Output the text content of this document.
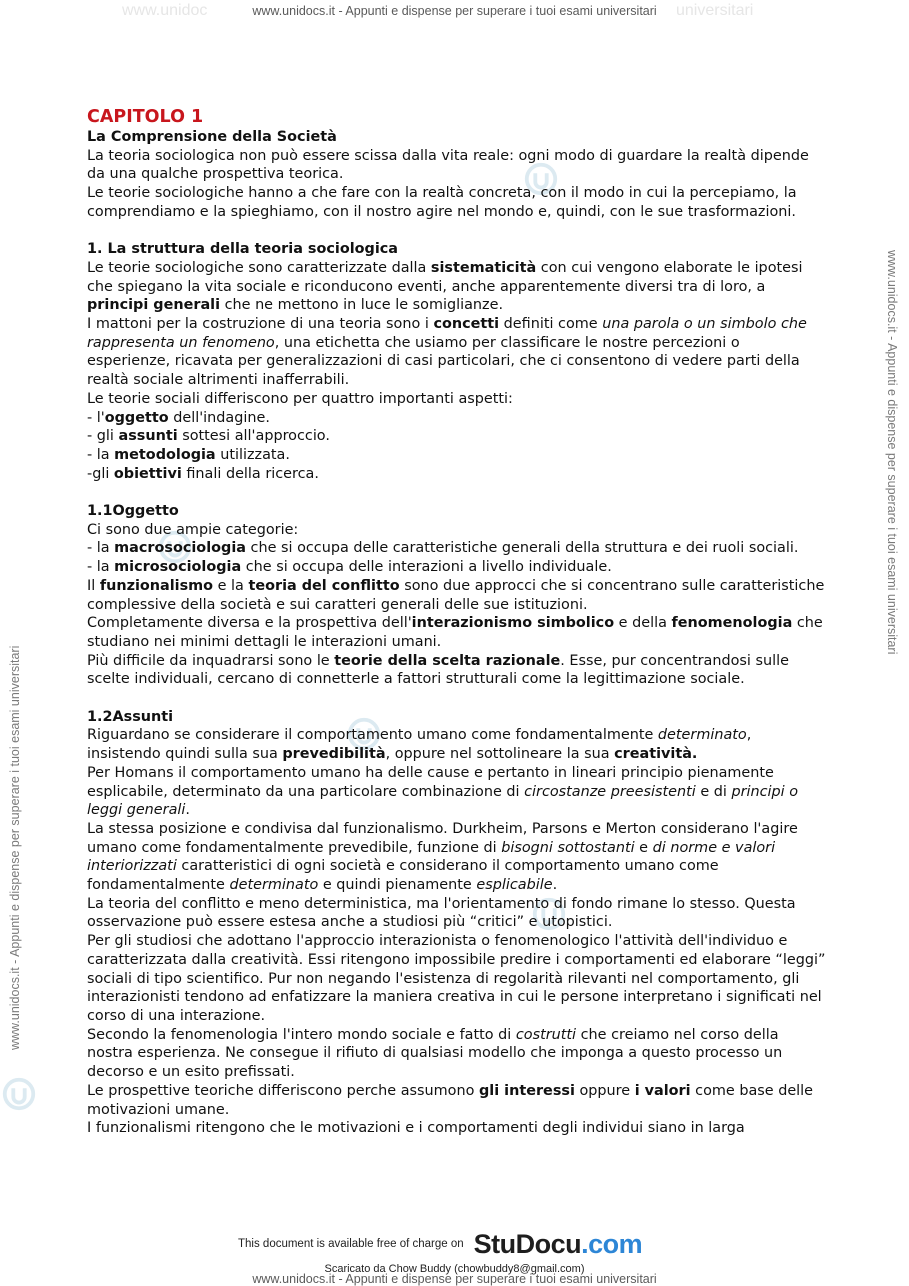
www.unidoc	universitari
www.unidocs.it - Appunti e dispense per superare i tuoi esami universitari
www.unidocs.it - Appunti e dispense per superare i tuoi esami universitari
www.unidocs.it - Appunti e dispense per superare i tuoi esami universitari

CAPITOLO 1

La Comprensione della Società

La teoria sociologica non può essere scissa dalla vita reale: ogni modo di guardare la realtà dipende da una qualche prospettiva teorica.

Le teorie sociologiche hanno a che fare con la realtà concreta, con il modo in cui la percepiamo, la comprendiamo e la spieghiamo, con il nostro agire nel mondo e, quindi, con le sue trasformazioni.

1. La struttura della teoria sociologica

Le teorie sociologiche sono caratterizzate dalla sistematicità con cui vengono elaborate le ipotesi che spiegano la vita sociale e riconducono eventi, anche apparentemente diversi tra di loro, a principi generali che ne mettono in luce le somiglianze.

I mattoni per la costruzione di una teoria sono i concetti definiti come una parola o un simbolo che rappresenta un fenomeno, una etichetta che usiamo per classificare le nostre percezioni o esperienze, ricavata per generalizzazioni di casi particolari, che ci consentono di vedere parti della realtà sociale altrimenti inafferrabili.

Le teorie sociali differiscono per quattro importanti aspetti:

- l'oggetto dell'indagine.

- gli assunti sottesi all'approccio.

- la metodologia utilizzata.

-gli obiettivi finali della ricerca.

1.1Oggetto

Ci sono due ampie categorie:

- la macrosociologia che si occupa delle caratteristiche generali della struttura e dei ruoli sociali.

- la microsociologia che si occupa delle interazioni a livello individuale.

Il funzionalismo e la teoria del conflitto sono due approcci che si concentrano sulle caratteristiche complessive della società e sui caratteri generali delle sue istituzioni.

Completamente diversa e la prospettiva dell'interazionismo simbolico e della fenomenologia che studiano nei minimi dettagli le interazioni umani.

Più difficile da inquadrarsi sono le teorie della scelta razionale. Esse, pur concentrandosi sulle scelte individuali, cercano di connetterle a fattori strutturali come la legittimazione sociale.

1.2Assunti

Riguardano se considerare il comportamento umano come fondamentalmente determinato, insistendo quindi sulla sua prevedibilità, oppure nel sottolineare la sua creatività.

Per Homans il comportamento umano ha delle cause e pertanto in lineari principio pienamente esplicabile, determinato da una particolare combinazione di circostanze preesistenti e di principi o leggi generali.

La stessa posizione e condivisa dal funzionalismo. Durkheim, Parsons e Merton considerano l'agire umano come fondamentalmente prevedibile, funzione di bisogni sottostanti e di norme e valori interiorizzati caratteristici di ogni società e considerano il comportamento umano come fondamentalmente determinato e quindi pienamente esplicabile.

La teoria del conflitto e meno deterministica, ma l'orientamento di fondo rimane lo stesso. Questa osservazione può essere estesa anche a studiosi più “critici” e utopistici.

Per gli studiosi che adottano l'approccio interazionista o fenomenologico l'attività dell'individuo e caratterizzata dalla creatività. Essi ritengono impossibile predire i comportamenti ed elaborare “leggi” sociali di tipo scientifico. Pur non negando l'esistenza di regolarità rilevanti nel comportamento, gli interazionisti tendono ad enfatizzare la maniera creativa in cui le persone interpretano i significati nel corso di una interazione.

Secondo la fenomenologia l'intero mondo sociale e fatto di costrutti che creiamo nel corso della nostra esperienza. Ne consegue il rifiuto di qualsiasi modello che imponga a questo processo un decorso e un esito prefissati.

Le prospettive teoriche differiscono perche assumono gli interessi oppure i valori come base delle motivazioni umane.

I funzionalismi ritengono che le motivazioni e i comportamenti degli individui siano in larga

This document is available free of charge on StuDocu .com
Scaricato da Chow Buddy (chowbuddy8@gmail.com)
www.unidocs.it - Appunti e dispense per superare i tuoi esami universitari
